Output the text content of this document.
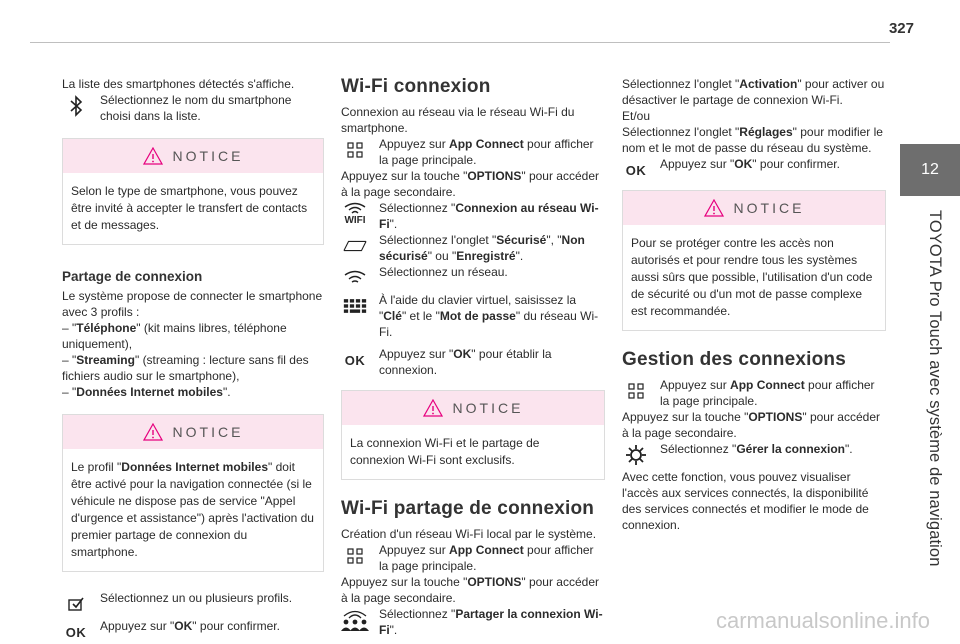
327
12
TOYOTA Pro Touch avec système de navigation

La liste des smartphones détectés s'affiche.

Sélectionnez le nom du smartphone choisi dans la liste.

NOTICE
Selon le type de smartphone, vous pouvez être invité à accepter le transfert de contacts et de messages.
Partage de connexion

Le système propose de connecter le smartphone avec 3 profils :

– "Téléphone" (kit mains libres, téléphone uniquement),

– "Streaming" (streaming : lecture sans fil des fichiers audio sur le smartphone),

– "Données Internet mobiles".

NOTICE
Le profil "Données Internet mobiles" doit être activé pour la navigation connectée (si le véhicule ne dispose pas de service "Appel d'urgence et assistance") après l'activation du premier partage de connexion du smartphone.

Sélectionnez un ou plusieurs profils.

OK Appuyez sur "OK" pour confirmer.

Wi-Fi connexion

Connexion au réseau via le réseau Wi-Fi du smartphone.

Appuyez sur App Connect pour afficher la page principale.

Appuyez sur la touche "OPTIONS" pour accéder à la page secondaire.

WIFI

Sélectionnez "Connexion au réseau Wi-Fi".

Sélectionnez l'onglet "Sécurisé", "Non sécurisé" ou "Enregistré".

Sélectionnez un réseau.

À l'aide du clavier virtuel, saisissez la "Clé" et le "Mot de passe" du réseau Wi-Fi.

OK Appuyez sur "OK" pour établir la connexion.

NOTICE
La connexion Wi-Fi et le partage de connexion Wi-Fi sont exclusifs.
Wi-Fi partage de connexion

Création d'un réseau Wi-Fi local par le système.

Appuyez sur App Connect pour afficher la page principale.

Appuyez sur la touche "OPTIONS" pour accéder à la page secondaire.

Sélectionnez "Partager la connexion Wi-Fi".

Sélectionnez l'onglet "Activation" pour activer ou désactiver le partage de connexion Wi-Fi.

Et/ou

Sélectionnez l'onglet "Réglages" pour modifier le nom et le mot de passe du réseau du système.

OK Appuyez sur "OK" pour confirmer.

NOTICE
Pour se protéger contre les accès non autorisés et pour rendre tous les systèmes aussi sûrs que possible, l'utilisation d'un code de sécurité ou d'un mot de passe complexe est recommandée.
Gestion des connexions

Appuyez sur App Connect pour afficher la page principale.

Appuyez sur la touche "OPTIONS" pour accéder à la page secondaire.

Sélectionnez "Gérer la connexion".

Avec cette fonction, vous pouvez visualiser l'accès aux services connectés, la disponibilité des services connectés et modifier le mode de connexion.

carmanualsonline.info
